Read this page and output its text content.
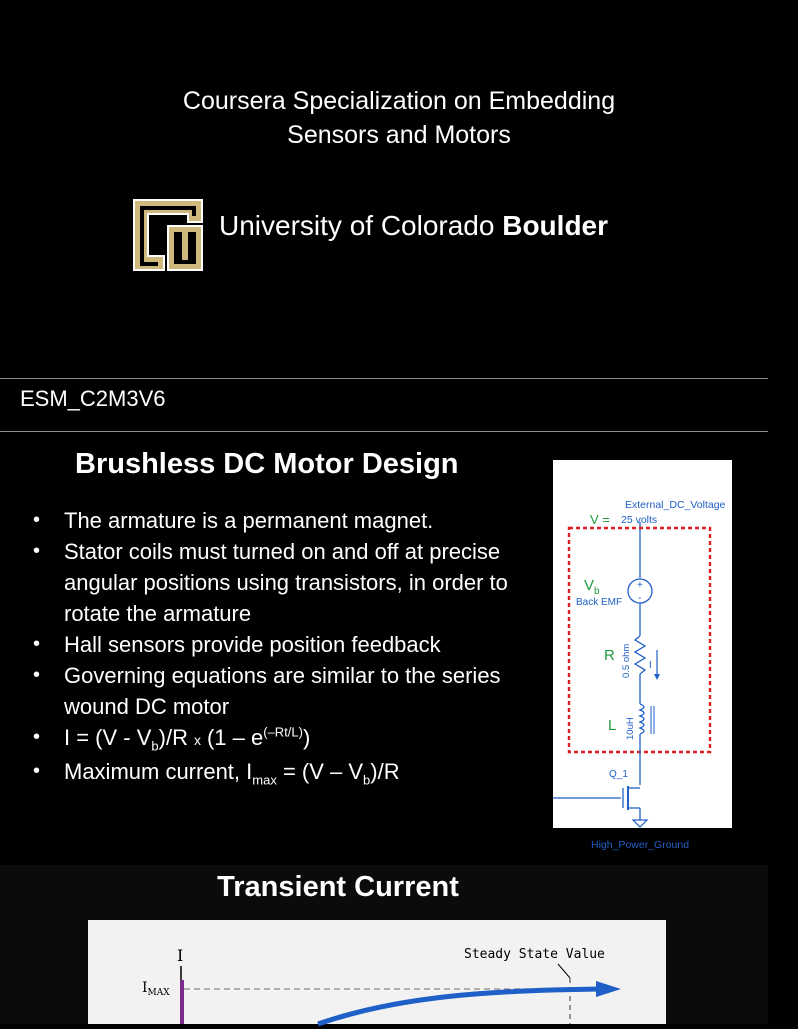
Coursera Specialization on Embedding
Sensors and Motors
University of Colorado Boulder
ESM_C2M3V6
Brushless DC Motor Design
• The armature is a permanent magnet.
• Stator coils must turned on and off at precise angular positions using transistors, in order to rotate the armature
• Hall sensors provide position feedback
• Governing equations are similar to the series wound DC motor
• $I = (V - V_b)/R$ x $(1 - e^{(-Rt/L)})$
• Maximum current, $I_{max} = (V - V_b)/R$
External_DC_Voltage
V = 25 volts
+
-
$V_b$
Back EMF
R 0.5 ohm I
L 10uH
Q_1
High_Power_Ground
Transient Current
I
$I_{MAX}$
Steady State Value
